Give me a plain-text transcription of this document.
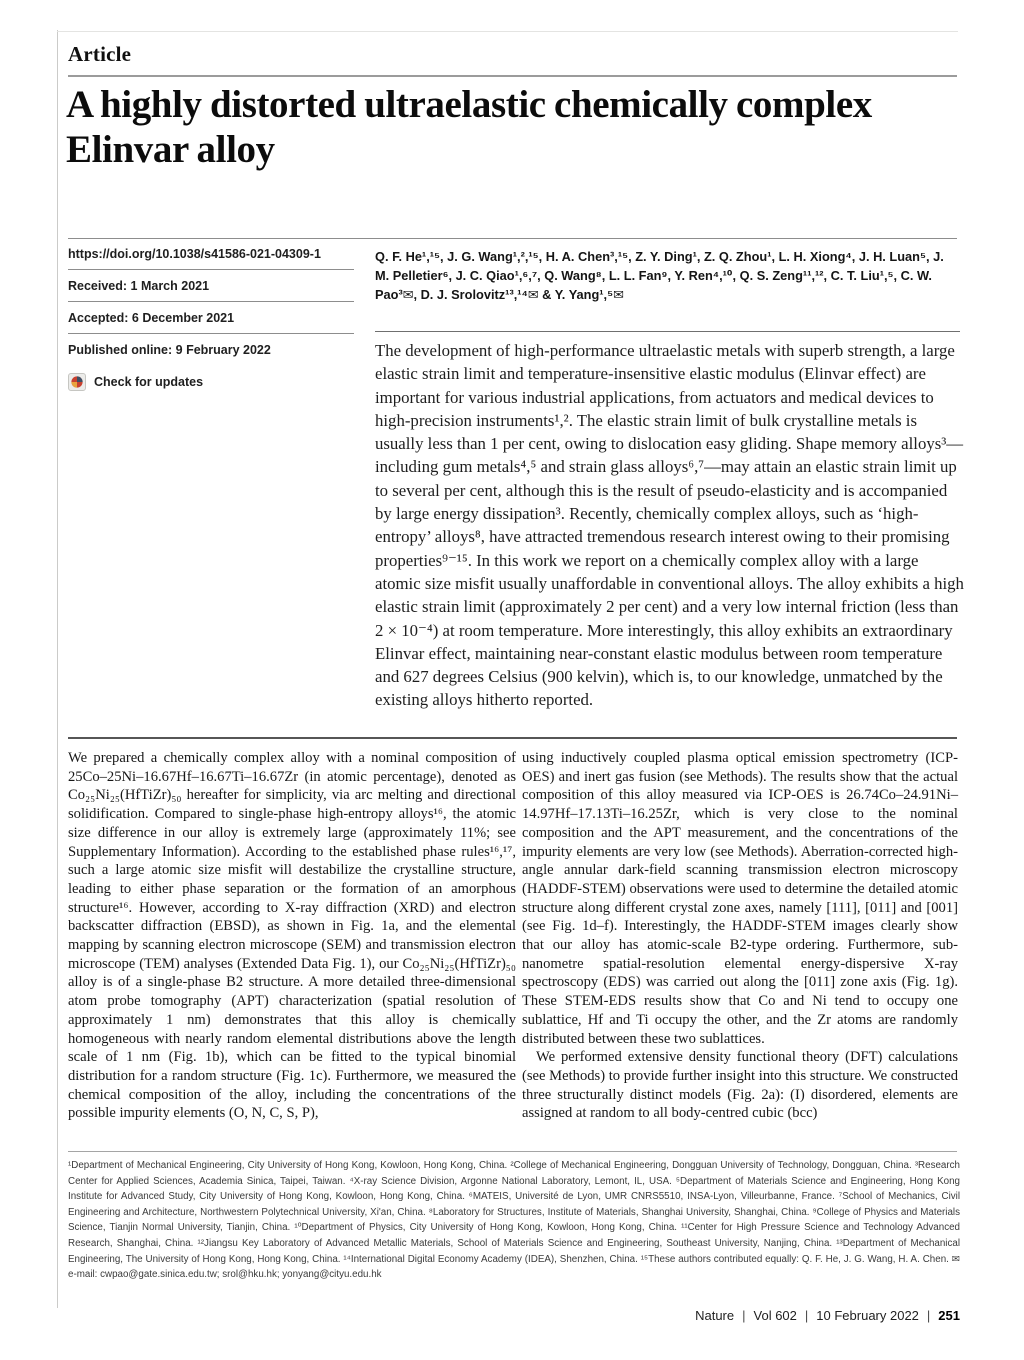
Article
A highly distorted ultraelastic chemically complex Elinvar alloy
https://doi.org/10.1038/s41586-021-04309-1
Received: 1 March 2021
Accepted: 6 December 2021
Published online: 9 February 2022
Check for updates
Q. F. He¹,¹⁵, J. G. Wang¹,²,¹⁵, H. A. Chen³,¹⁵, Z. Y. Ding¹, Z. Q. Zhou¹, L. H. Xiong⁴, J. H. Luan⁵, J. M. Pelletier⁶, J. C. Qiao¹,⁶,⁷, Q. Wang⁸, L. L. Fan⁹, Y. Ren⁴,¹⁰, Q. S. Zeng¹¹,¹², C. T. Liu¹,⁵, C. W. Pao³✉, D. J. Srolovitz¹³,¹⁴✉ & Y. Yang¹,⁵✉
The development of high-performance ultraelastic metals with superb strength, a large elastic strain limit and temperature-insensitive elastic modulus (Elinvar effect) are important for various industrial applications, from actuators and medical devices to high-precision instruments¹,². The elastic strain limit of bulk crystalline metals is usually less than 1 per cent, owing to dislocation easy gliding. Shape memory alloys³—including gum metals⁴,⁵ and strain glass alloys⁶,⁷—may attain an elastic strain limit up to several per cent, although this is the result of pseudo-elasticity and is accompanied by large energy dissipation³. Recently, chemically complex alloys, such as ‘high-entropy’ alloys⁸, have attracted tremendous research interest owing to their promising properties⁹⁻¹⁵. In this work we report on a chemically complex alloy with a large atomic size misfit usually unaffordable in conventional alloys. The alloy exhibits a high elastic strain limit (approximately 2 per cent) and a very low internal friction (less than 2 × 10⁻⁴) at room temperature. More interestingly, this alloy exhibits an extraordinary Elinvar effect, maintaining near-constant elastic modulus between room temperature and 627 degrees Celsius (900 kelvin), which is, to our knowledge, unmatched by the existing alloys hitherto reported.

We prepared a chemically complex alloy with a nominal composition of 25Co–25Ni–16.67Hf–16.67Ti–16.67Zr (in atomic percentage), denoted as Co₂₅Ni₂₅(HfTiZr)₅₀ hereafter for simplicity, via arc melting and directional solidification. Compared to single-phase high-entropy alloys¹⁶, the atomic size difference in our alloy is extremely large (approximately 11%; see Supplementary Information). According to the established phase rules¹⁶,¹⁷, such a large atomic size misfit will destabilize the crystalline structure, leading to either phase separation or the formation of an amorphous structure¹⁶. However, according to X-ray diffraction (XRD) and electron backscatter diffraction (EBSD), as shown in Fig. 1a, and the elemental mapping by scanning electron microscope (SEM) and transmission electron microscope (TEM) analyses (Extended Data Fig. 1), our Co₂₅Ni₂₅(HfTiZr)₅₀ alloy is of a single-phase B2 structure. A more detailed three-dimensional atom probe tomography (APT) characterization (spatial resolution of approximately 1 nm) demonstrates that this alloy is chemically homogeneous with nearly random elemental distributions above the length scale of 1 nm (Fig. 1b), which can be fitted to the typical binomial distribution for a random structure (Fig. 1c). Furthermore, we measured the chemical composition of the alloy, including the concentrations of the possible impurity elements (O, N, C, S, P),

using inductively coupled plasma optical emission spectrometry (ICP-OES) and inert gas fusion (see Methods). The results show that the actual composition of this alloy measured via ICP-OES is 26.74Co–24.91Ni–14.97Hf–17.13Ti–16.25Zr, which is very close to the nominal composition and the APT measurement, and the concentrations of the impurity elements are very low (see Methods). Aberration-corrected high-angle annular dark-field scanning transmission electron microscopy (HADDF-STEM) observations were used to determine the detailed atomic structure along different crystal zone axes, namely [111], [011] and [001] (see Fig. 1d–f). Interestingly, the HADDF-STEM images clearly show that our alloy has atomic-scale B2-type ordering. Furthermore, sub-nanometre spatial-resolution elemental energy-dispersive X-ray spectroscopy (EDS) was carried out along the [011] zone axis (Fig. 1g). These STEM-EDS results show that Co and Ni tend to occupy one sublattice, Hf and Ti occupy the other, and the Zr atoms are randomly distributed between these two sublattices.

We performed extensive density functional theory (DFT) calculations (see Methods) to provide further insight into this structure. We constructed three structurally distinct models (Fig. 2a): (I) disordered, elements are assigned at random to all body-centred cubic (bcc)

¹Department of Mechanical Engineering, City University of Hong Kong, Kowloon, Hong Kong, China. ²College of Mechanical Engineering, Dongguan University of Technology, Dongguan, China. ³Research Center for Applied Sciences, Academia Sinica, Taipei, Taiwan. ⁴X-ray Science Division, Argonne National Laboratory, Lemont, IL, USA. ⁵Department of Materials Science and Engineering, Hong Kong Institute for Advanced Study, City University of Hong Kong, Kowloon, Hong Kong, China. ⁶MATEIS, Université de Lyon, UMR CNRS5510, INSA-Lyon, Villeurbanne, France. ⁷School of Mechanics, Civil Engineering and Architecture, Northwestern Polytechnical University, Xi'an, China. ⁸Laboratory for Structures, Institute of Materials, Shanghai University, Shanghai, China. ⁹College of Physics and Materials Science, Tianjin Normal University, Tianjin, China. ¹⁰Department of Physics, City University of Hong Kong, Kowloon, Hong Kong, China. ¹¹Center for High Pressure Science and Technology Advanced Research, Shanghai, China. ¹²Jiangsu Key Laboratory of Advanced Metallic Materials, School of Materials Science and Engineering, Southeast University, Nanjing, China. ¹³Department of Mechanical Engineering, The University of Hong Kong, Hong Kong, China. ¹⁴International Digital Economy Academy (IDEA), Shenzhen, China. ¹⁵These authors contributed equally: Q. F. He, J. G. Wang, H. A. Chen. ✉e-mail: cwpao@gate.sinica.edu.tw; srol@hku.hk; yonyang@cityu.edu.hk

Nature | Vol 602 | 10 February 2022 | 251
